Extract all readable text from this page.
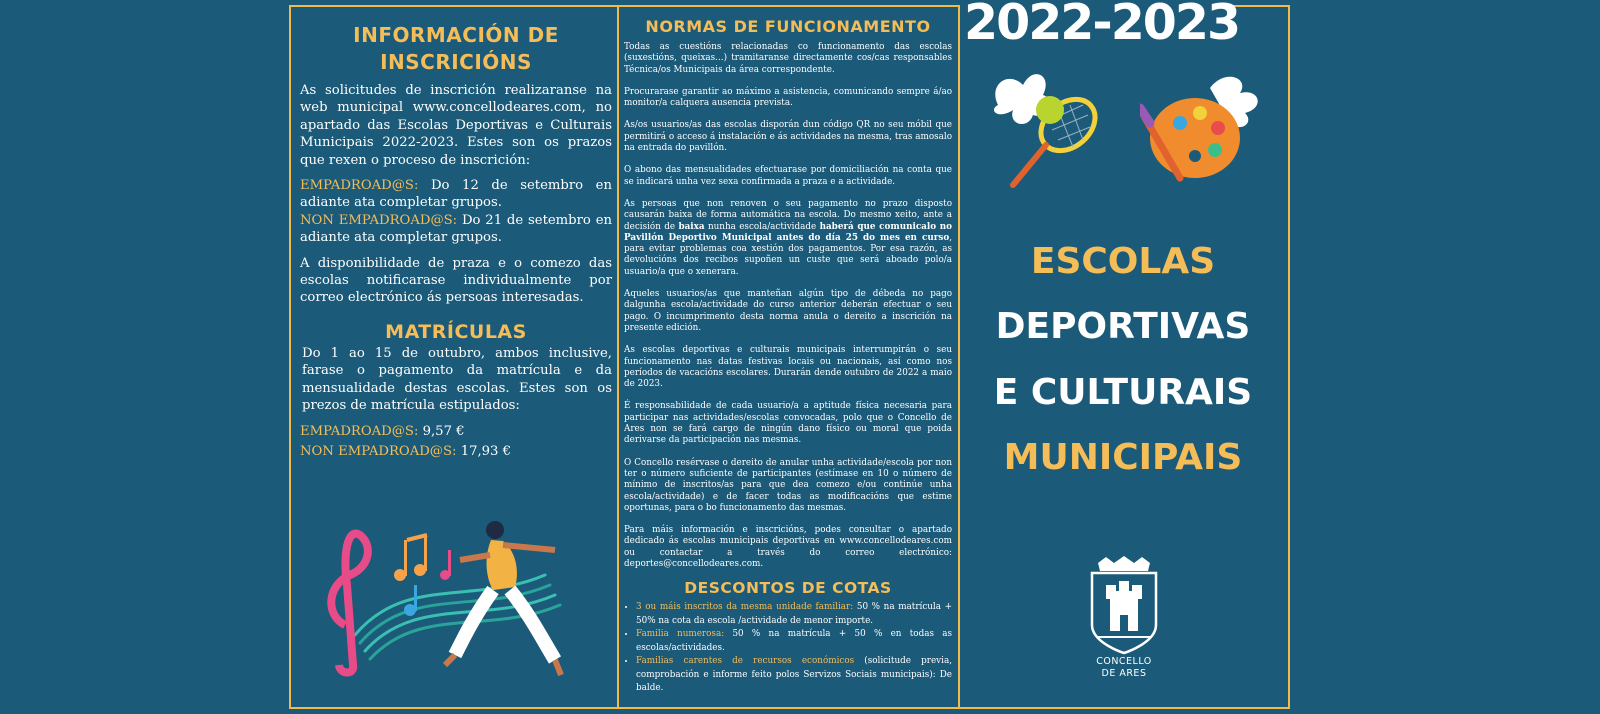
INFORMACIÓN DE INSCRICIÓNS

As solicitudes de inscrición realizaranse na web municipal www.concellodeares.com, no apartado das Escolas Deportivas e Culturais Municipais 2022-2023. Estes son os prazos que rexen o proceso de inscrición:

EMPADROAD@S: Do 12 de setembro en adiante ata completar grupos.

NON EMPADROAD@S: Do 21 de setembro en adiante ata completar grupos.

A disponibilidade de praza e o comezo das escolas notificarase individualmente por correo electrónico ás persoas interesadas.

MATRÍCULAS

Do 1 ao 15 de outubro, ambos inclusive, farase o pagamento da matrícula e da mensualidade destas escolas. Estes son os prezos de matrícula estipulados:

EMPADROAD@S: 9,57 €

NON EMPADROAD@S: 17,93 €

NORMAS DE FUNCIONAMENTO

Todas as cuestións relacionadas co funcionamento das escolas (suxestións, queixas...) tramitaranse directamente cos/cas responsables Técnica/os Municipais da área correspondente.

Procurarase garantir ao máximo a asistencia, comunicando sempre á/ao monitor/a calquera ausencia prevista.

As/os usuarios/as das escolas disporán dun código QR no seu móbil que permitirá o acceso á instalación e ás actividades na mesma, tras amosalo na entrada do pavillón.

O abono das mensualidades efectuarase por domiciliación na conta que se indicará unha vez sexa confirmada a praza e a actividade.

As persoas que non renoven o seu pagamento no prazo disposto causarán baixa de forma automática na escola. Do mesmo xeito, ante a decisión de baixa nunha escola/actividade haberá que comunicalo no Pavillón Deportivo Municipal antes do día 25 do mes en curso, para evitar problemas coa xestión dos pagamentos. Por esa razón, as devolucións dos recibos supoñen un custe que será aboado polo/a usuario/a que o xenerara.

Aqueles usuarios/as que manteñan algún tipo de débeda no pago dalgunha escola/actividade do curso anterior deberán efectuar o seu pago. O incumprimento desta norma anula o dereito a inscrición na presente edición.

As escolas deportivas e culturais municipais interrumpirán o seu funcionamento nas datas festivas locais ou nacionais, así como nos períodos de vacacións escolares. Durarán dende outubro de 2022 a maio de 2023.

É responsabilidade de cada usuario/a a aptitude física necesaria para participar nas actividades/escolas convocadas, polo que o Concello de Ares non se fará cargo de ningún dano físico ou moral que poida derivarse da participación nas mesmas.

O Concello resérvase o dereito de anular unha actividade/escola por non ter o número suficiente de participantes (estímase en 10 o número de mínimo de inscritos/as para que dea comezo e/ou continúe unha escola/actividade) e de facer todas as modificacións que estime oportunas, para o bo funcionamento das mesmas.

Para máis información e inscricións, podes consultar o apartado dedicado ás escolas municipais deportivas en www.concellodeares.com ou contactar a través do correo electrónico: deportes@concellodeares.com.

DESCONTOS DE COTAS
• 3 ou máis inscritos da mesma unidade familiar: 50 % na matrícula + 50% na cota da escola /actividade de menor importe.
• Familia numerosa: 50 % na matrícula + 50 % en todas as escolas/actividades.
• Familias carentes de recursos económicos (solicitude previa, comprobación e informe feito polos Servizos Sociais municipais): De balde.
2022-2023
ESCOLAS
DEPORTIVAS
E CULTURAIS
MUNICIPAIS
CONCELLO
DE ARES
